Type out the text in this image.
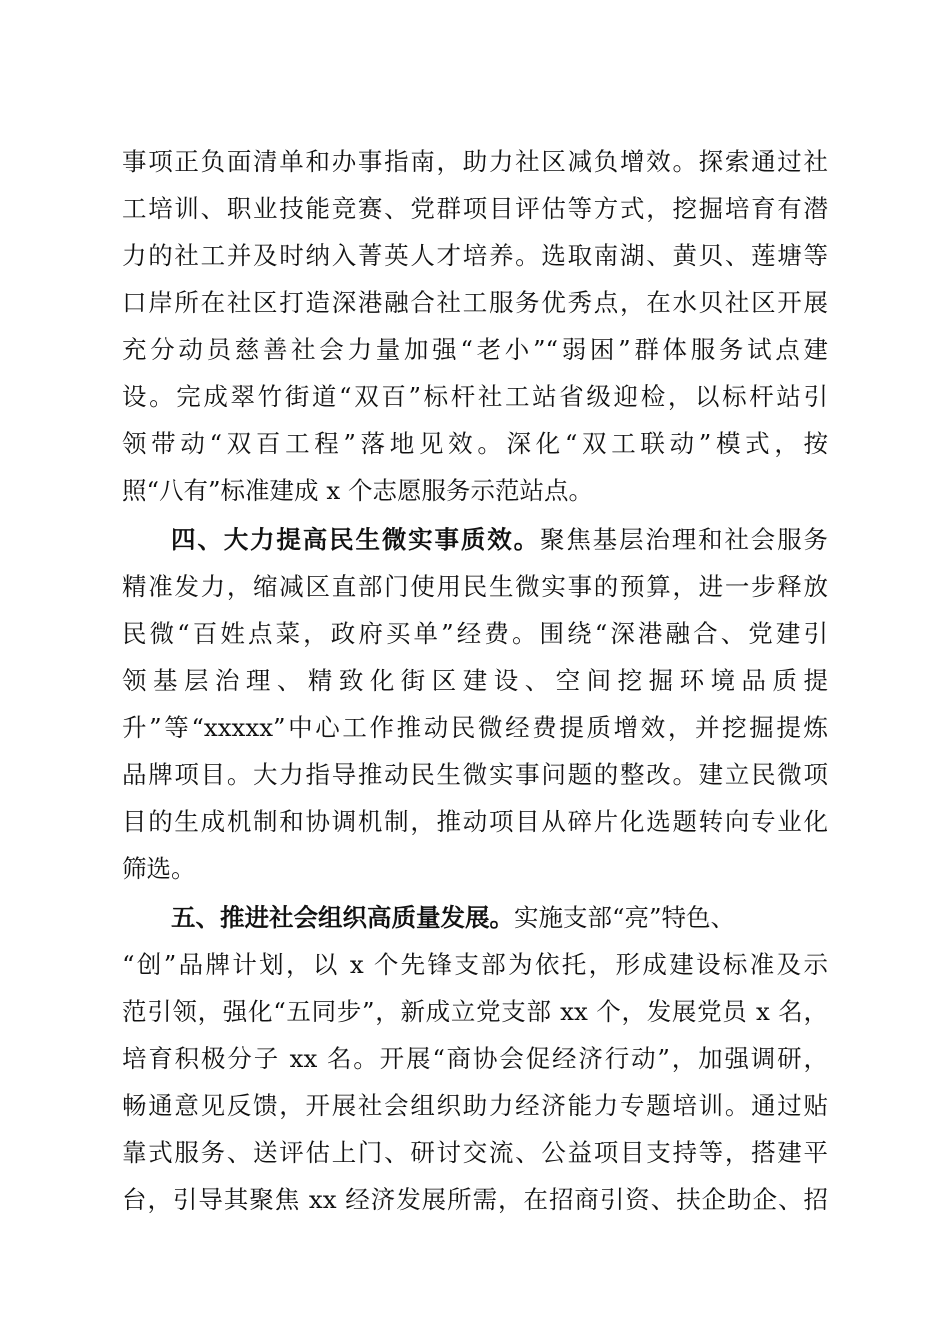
事项正负面清单和办事指南，助力社区减负增效。探索通过社
工培训、职业技能竞赛、党群项目评估等方式，挖掘培育有潜
力的社工并及时纳入菁英人才培养。选取南湖、黄贝、莲塘等
口岸所在社区打造深港融合社工服务优秀点，在水贝社区开展
充分动员慈善社会力量加强“老小”“弱困”群体服务试点建
设。完成翠竹街道“双百”标杆社工站省级迎检，以标杆站引
领带动“双百工程”落地见效。深化“双工联动”模式，按
照“八有”标准建成 x 个志愿服务示范站点。
四、大力提高民生微实事质效。聚焦基层治理和社会服务
精准发力，缩减区直部门使用民生微实事的预算，进一步释放
民微“百姓点菜，政府买单”经费。围绕“深港融合、党建引
领基层治理、精致化街区建设、空间挖掘环境品质提
升”等“xxxxx”中心工作推动民微经费提质增效，并挖掘提炼
品牌项目。大力指导推动民生微实事问题的整改。建立民微项
目的生成机制和协调机制，推动项目从碎片化选题转向专业化
筛选。
五、推进社会组织高质量发展。实施支部“亮”特色、
“创”品牌计划，以 x 个先锋支部为依托，形成建设标准及示
范引领，强化“五同步”，新成立党支部 xx 个，发展党员 x 名，
培育积极分子 xx 名。开展“商协会促经济行动”，加强调研，
畅通意见反馈，开展社会组织助力经济能力专题培训。通过贴
靠式服务、送评估上门、研讨交流、公益项目支持等，搭建平
台，引导其聚焦 xx 经济发展所需，在招商引资、扶企助企、招
